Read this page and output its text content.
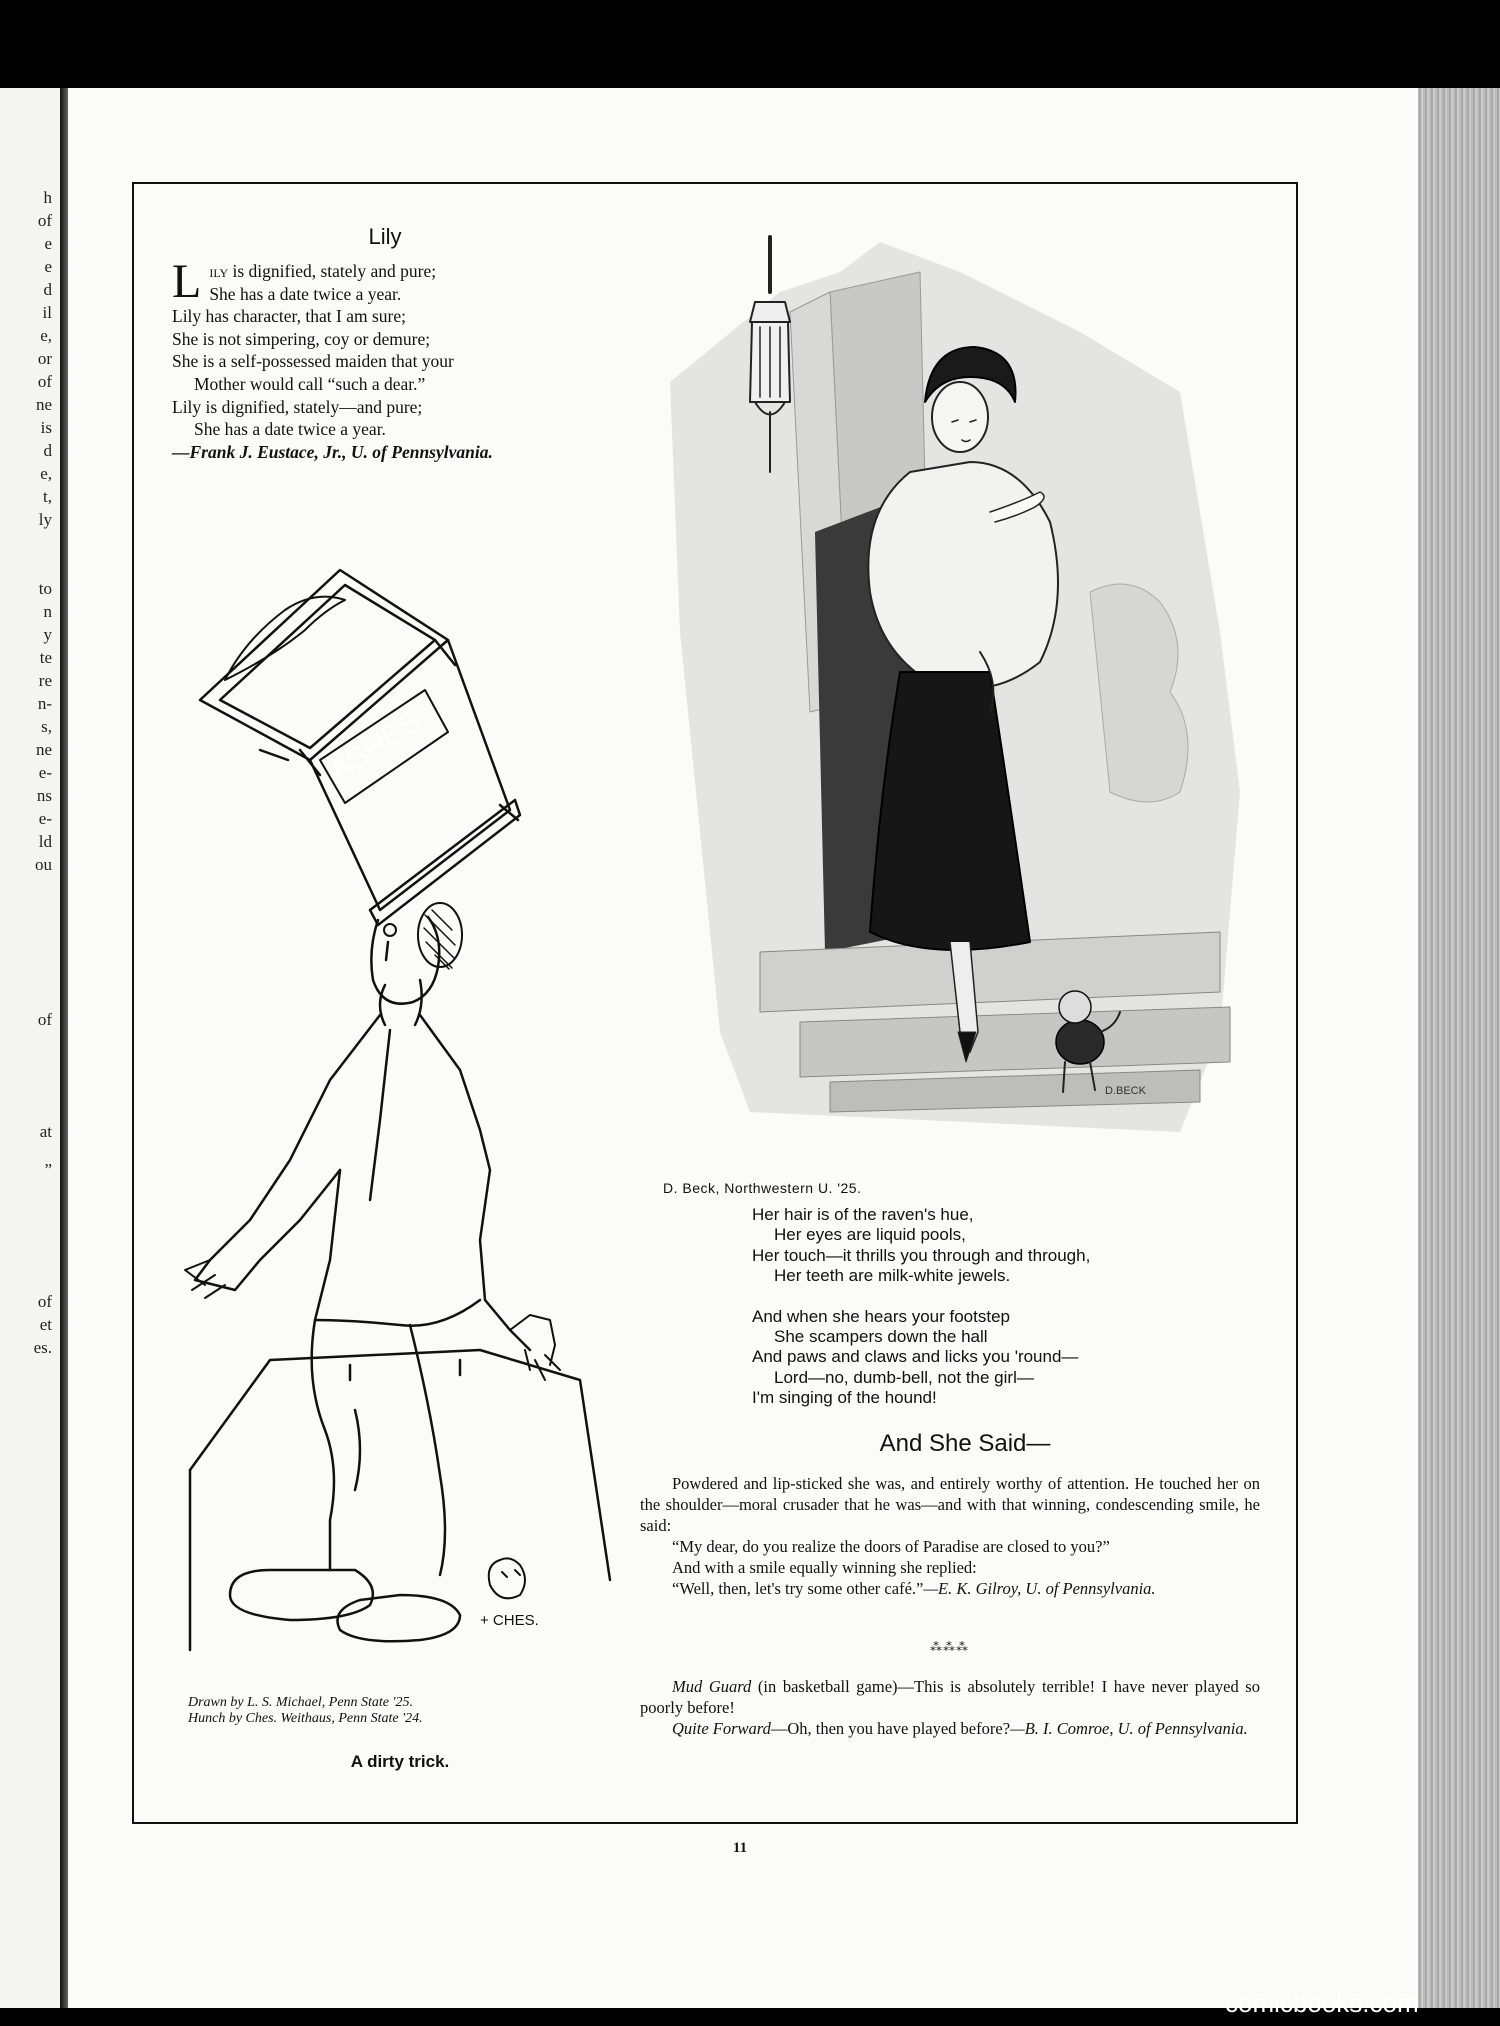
h
of
e
e
d
il
e,
or
of
ne
is
d
e,
t,
ly
to
n
y
te
re
n-
s,
ne
e-
ns
e-
ld
ou
of
at
”
of
et
es.
Lily
Lily is dignified, stately and pure;
She has a date twice a year.
Lily has character, that I am sure;
She is not simpering, coy or demure;
She is a self-possessed maiden that your
Mother would call “such a dear.”
Lily is dignified, stately—and pure;
She has a date twice a year.
—Frank J. Eustace, Jr., U. of Pennsylvania.
ASHES
+ CHES.
Drawn by L. S. Michael, Penn State '25.
Hunch by Ches. Weithaus, Penn State '24.
A dirty trick.
D.BECK
D. Beck, Northwestern U. '25.
Her hair is of the raven's hue,
Her eyes are liquid pools,
Her touch—it thrills you through and through,
Her teeth are milk-white jewels.
And when she hears your footstep
She scampers down the hall
And paws and claws and licks you 'round—
Lord—no, dumb-bell, not the girl—
I'm singing of the hound!
And She Said—

Powdered and lip-sticked she was, and entirely worthy of attention. He touched her on the shoulder—moral crusader that he was—and with that winning, condescending smile, he said:

“My dear, do you realize the doors of Paradise are closed to you?”

And with a smile equally winning she replied:

“Well, then, let's try some other café.”—E. K. Gilroy, U. of Pennsylvania.

⁂⁂⁂

Mud Guard (in basketball game)—This is absolutely terrible! I have never played so poorly before!

Quite Forward—Oh, then you have played before?—B. I. Comroe, U. of Pennsylvania.

11
comicbooks.com
